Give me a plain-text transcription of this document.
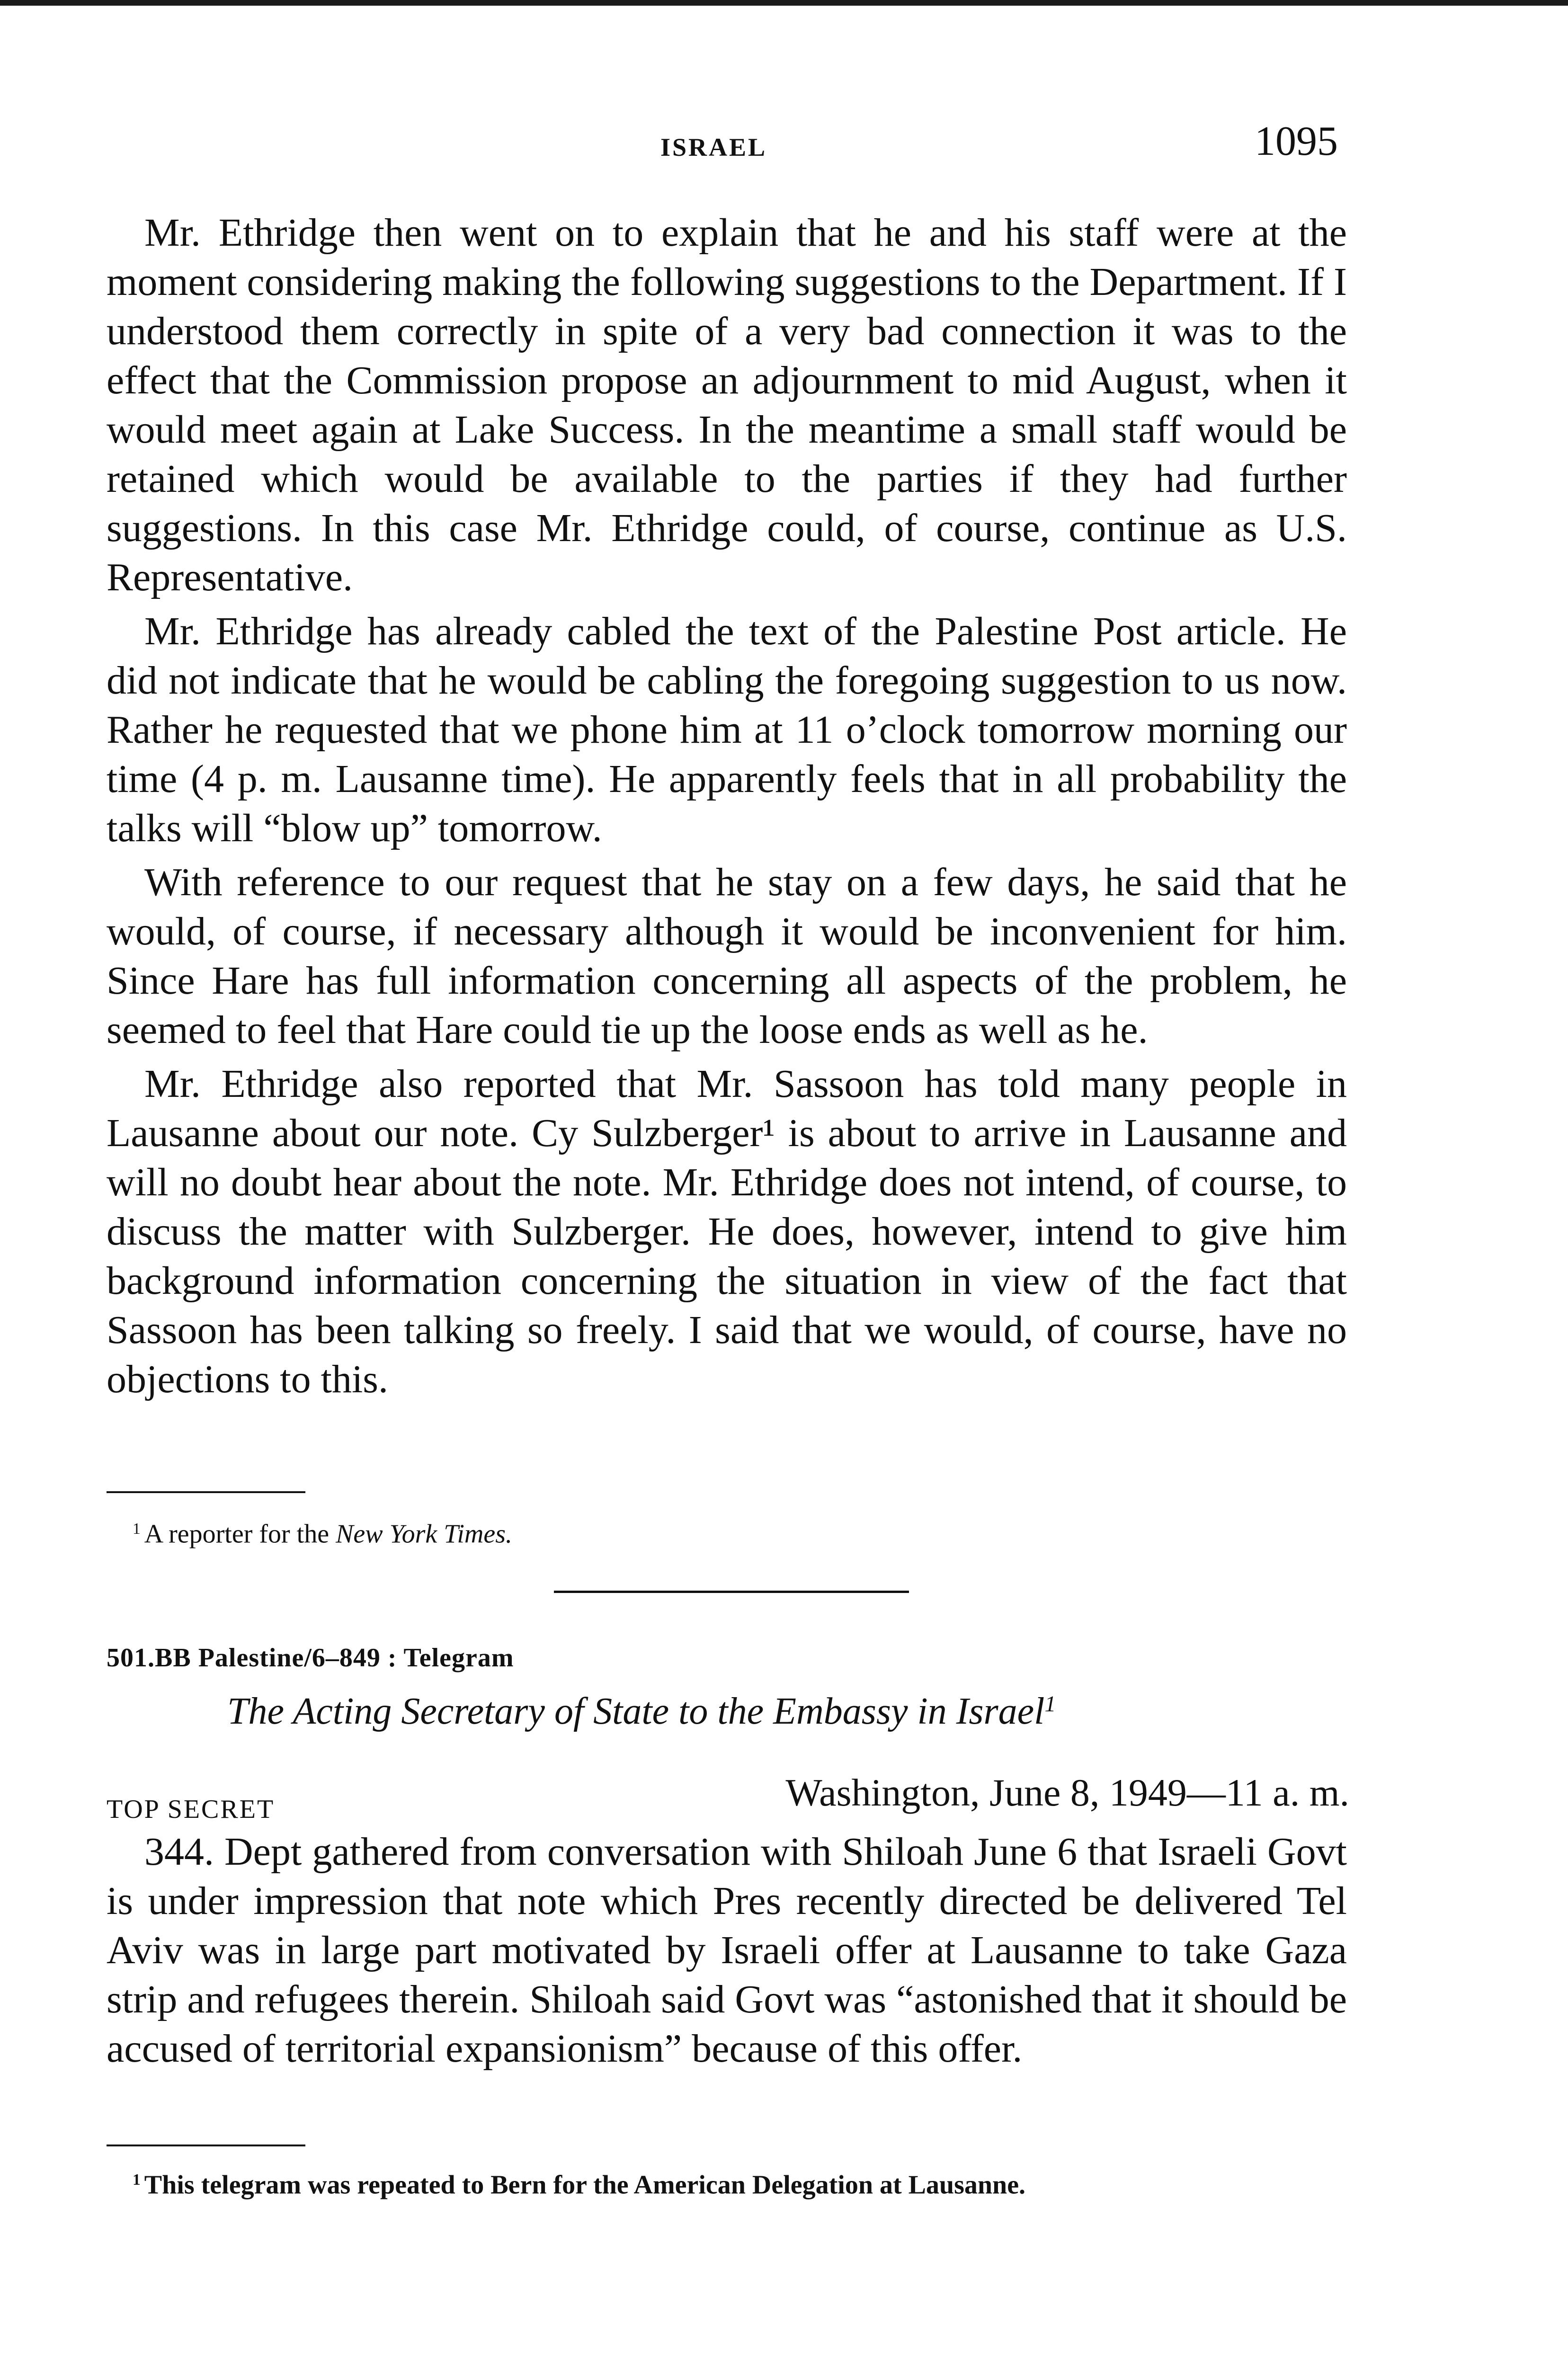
ISRAEL	1095

Mr. Ethridge then went on to explain that he and his staff were at the moment considering making the following suggestions to the Department. If I understood them correctly in spite of a very bad connection it was to the effect that the Commission propose an adjournment to mid August, when it would meet again at Lake Success. In the meantime a small staff would be retained which would be available to the parties if they had further suggestions. In this case Mr. Ethridge could, of course, continue as U.S. Representative.

Mr. Ethridge has already cabled the text of the Palestine Post article. He did not indicate that he would be cabling the foregoing suggestion to us now. Rather he requested that we phone him at 11 o’clock tomorrow morning our time (4 p. m. Lausanne time). He apparently feels that in all probability the talks will “blow up” tomorrow.

With reference to our request that he stay on a few days, he said that he would, of course, if necessary although it would be inconvenient for him. Since Hare has full information concerning all aspects of the problem, he seemed to feel that Hare could tie up the loose ends as well as he.

Mr. Ethridge also reported that Mr. Sassoon has told many people in Lausanne about our note. Cy Sulzberger¹ is about to arrive in Lausanne and will no doubt hear about the note. Mr. Ethridge does not intend, of course, to discuss the matter with Sulzberger. He does, however, intend to give him background information concerning the situation in view of the fact that Sassoon has been talking so freely. I said that we would, of course, have no objections to this.

$^1$ A reporter for the New York Times.
501.BB Palestine/6–849 : Telegram
The Acting Secretary of State to the Embassy in Israel$^1$
TOP SECRET	Washington, June 8, 1949—11 a. m.

344. Dept gathered from conversation with Shiloah June 6 that Israeli Govt is under impression that note which Pres recently directed be delivered Tel Aviv was in large part motivated by Israeli offer at Lausanne to take Gaza strip and refugees therein. Shiloah said Govt was “astonished that it should be accused of territorial expansionism” because of this offer.

$^1$ This telegram was repeated to Bern for the American Delegation at Lausanne.
